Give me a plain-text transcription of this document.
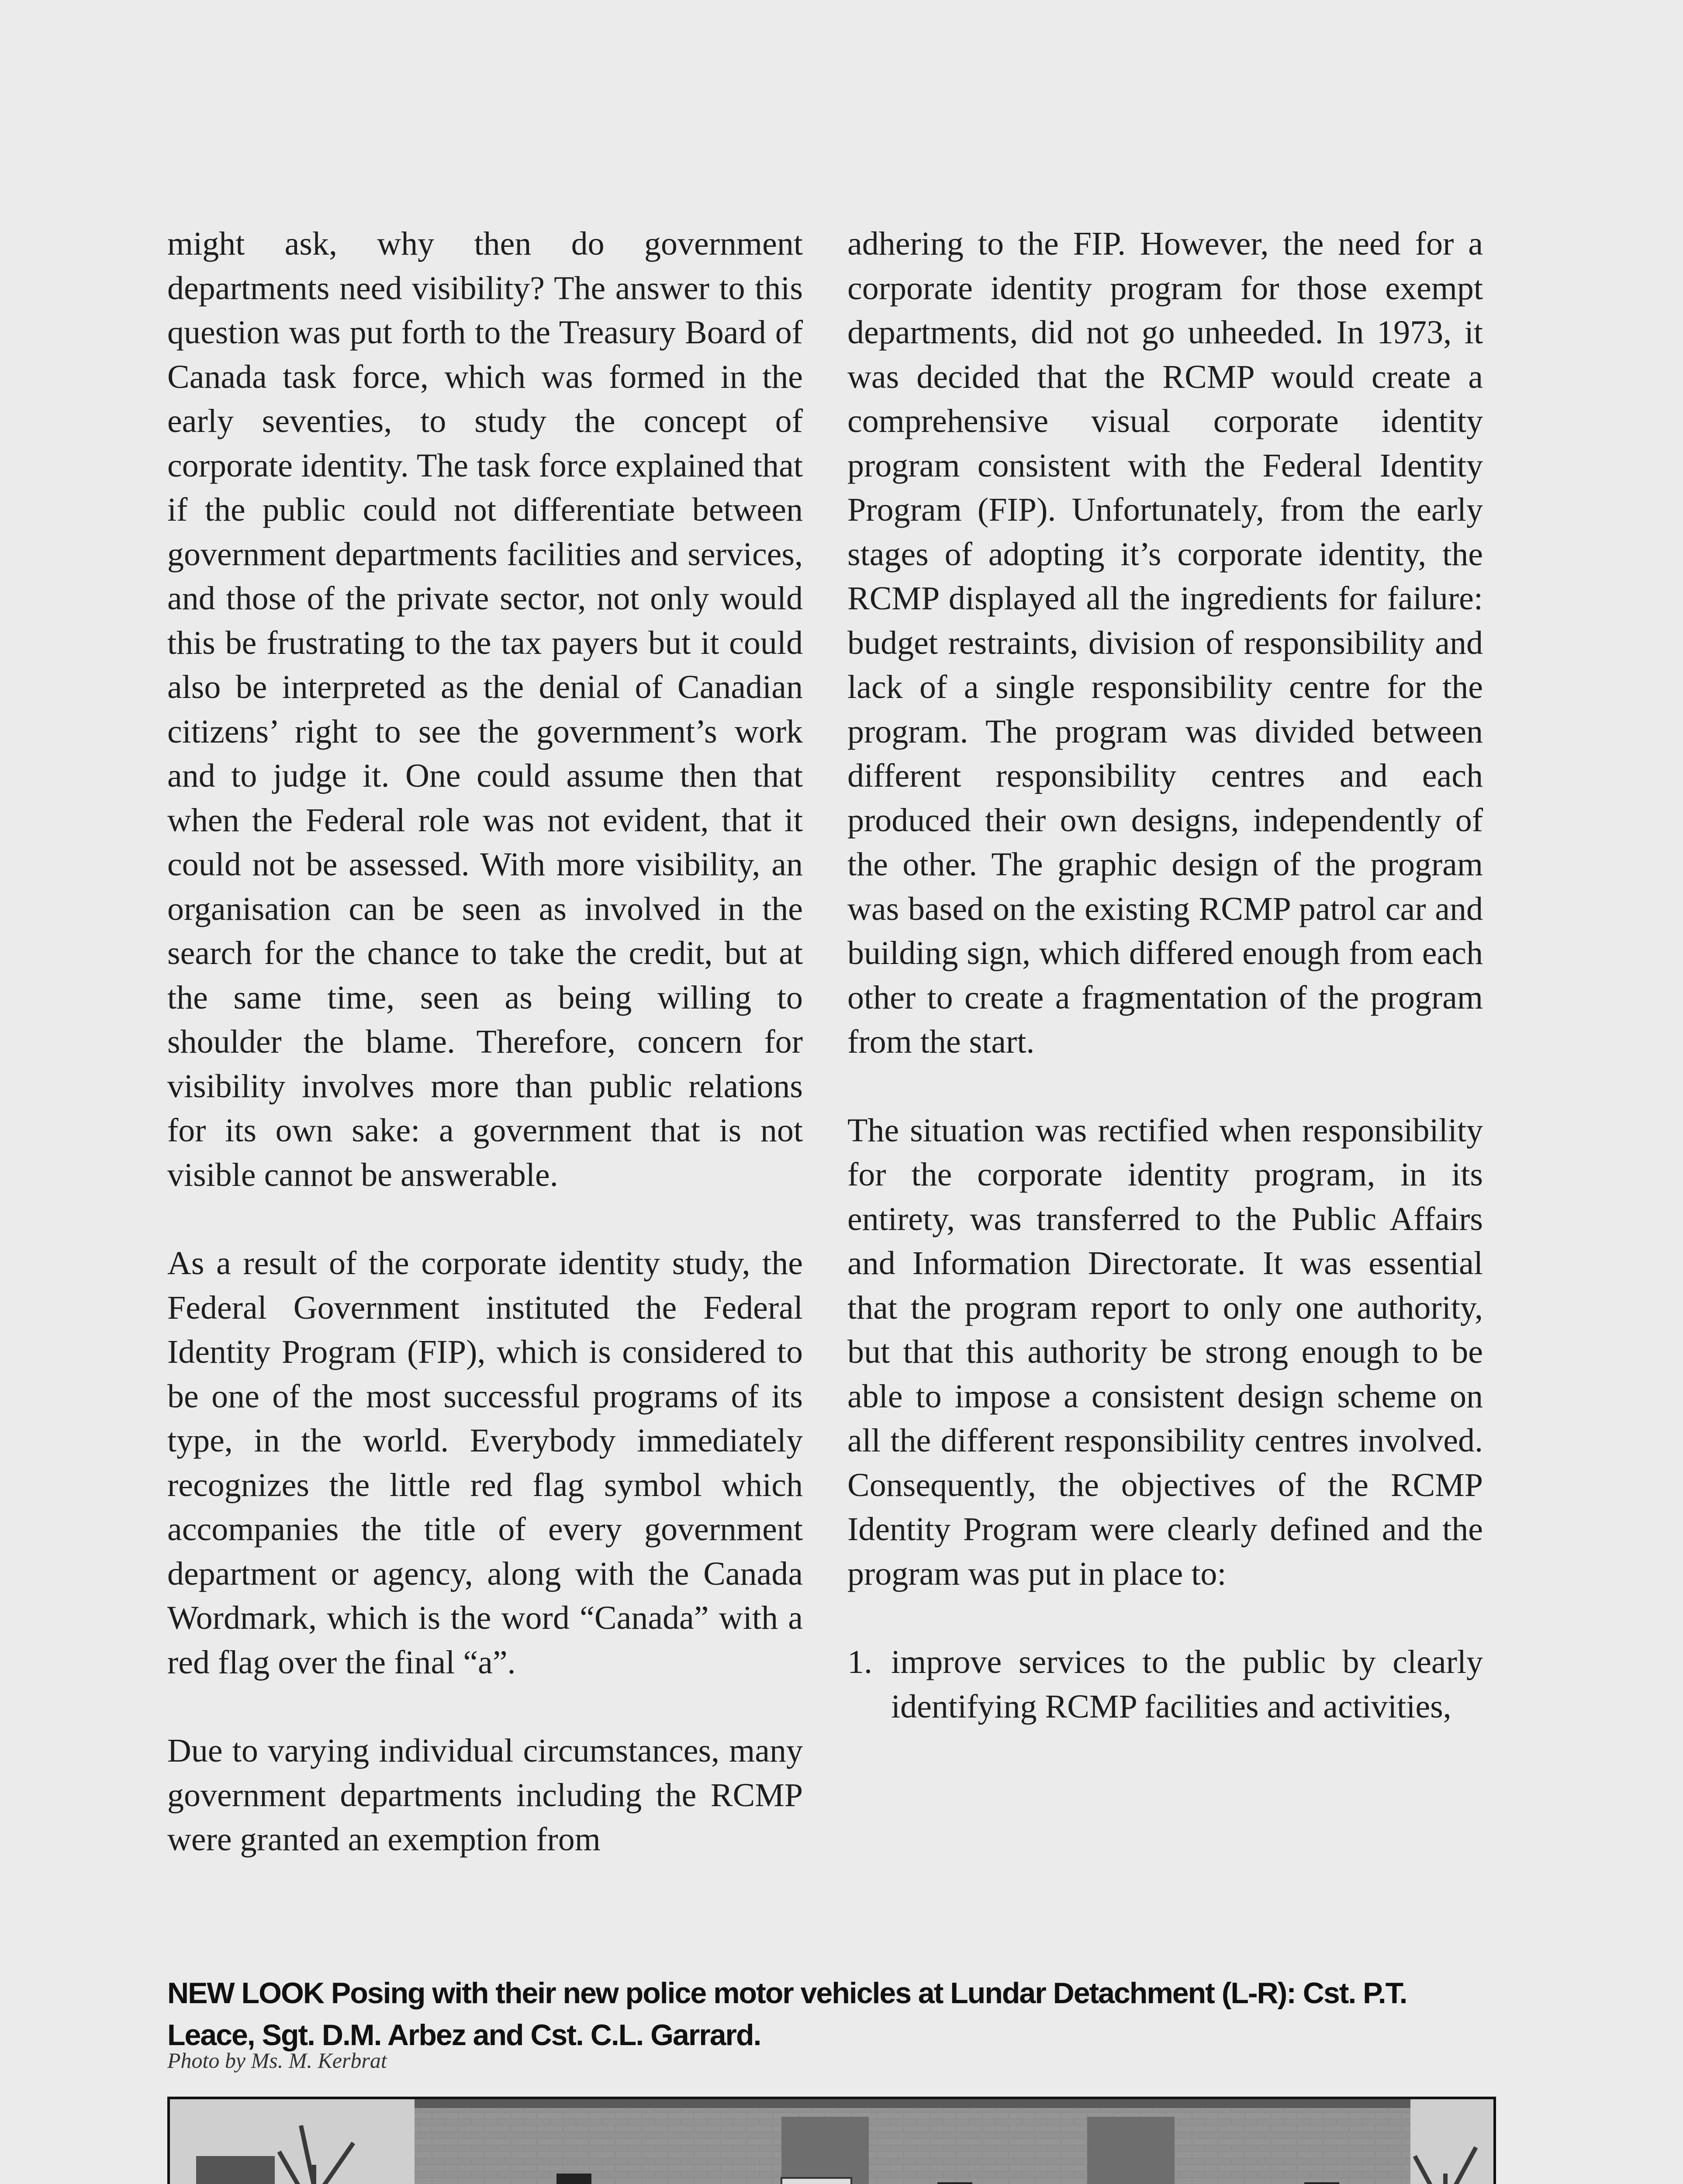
might ask, why then do government departments need visibility? The answer to this question was put forth to the Treasury Board of Canada task force, which was formed in the early seventies, to study the concept of corporate identity. The task force explained that if the public could not differentiate between government departments facilities and services, and those of the private sector, not only would this be frustrating to the tax payers but it could also be interpreted as the denial of Canadian citizens’ right to see the government’s work and to judge it. One could assume then that when the Federal role was not evident, that it could not be assessed. With more visibility, an organisation can be seen as involved in the search for the chance to take the credit, but at the same time, seen as being willing to shoulder the blame. Therefore, concern for visibility involves more than public relations for its own sake: a government that is not visible cannot be answerable.

As a result of the corporate identity study, the Federal Government instituted the Federal Identity Program (FIP), which is considered to be one of the most successful programs of its type, in the world. Everybody immediately recognizes the little red flag symbol which accompanies the title of every government department or agency, along with the Canada Wordmark, which is the word “Canada” with a red flag over the final “a”.

Due to varying individual circumstances, many government departments including the RCMP were granted an exemption from

adhering to the FIP. However, the need for a corporate identity program for those exempt departments, did not go unheeded. In 1973, it was decided that the RCMP would create a comprehensive visual corporate identity program consistent with the Federal Identity Program (FIP). Unfortunately, from the early stages of adopting it’s corporate identity, the RCMP displayed all the ingredients for failure: budget restraints, division of responsibility and lack of a single responsibility centre for the program. The program was divided between different responsibility centres and each produced their own designs, independently of the other. The graphic design of the program was based on the existing RCMP patrol car and building sign, which differed enough from each other to create a fragmentation of the program from the start.

The situation was rectified when responsibility for the corporate identity program, in its entirety, was transferred to the Public Affairs and Information Directorate. It was essential that the program report to only one authority, but that this authority be strong enough to be able to impose a consistent design scheme on all the different responsibility centres involved. Consequently, the objectives of the RCMP Identity Program were clearly defined and the program was put in place to:

1. improve services to the public by clearly identifying RCMP facilities and activities,
NEW LOOK Posing with their new police motor vehicles at Lundar Detachment (L-R): Cst. P.T. Leace, Sgt. D.M. Arbez and Cst. C.L. Garrard.
Photo by Ms. M. Kerbrat
